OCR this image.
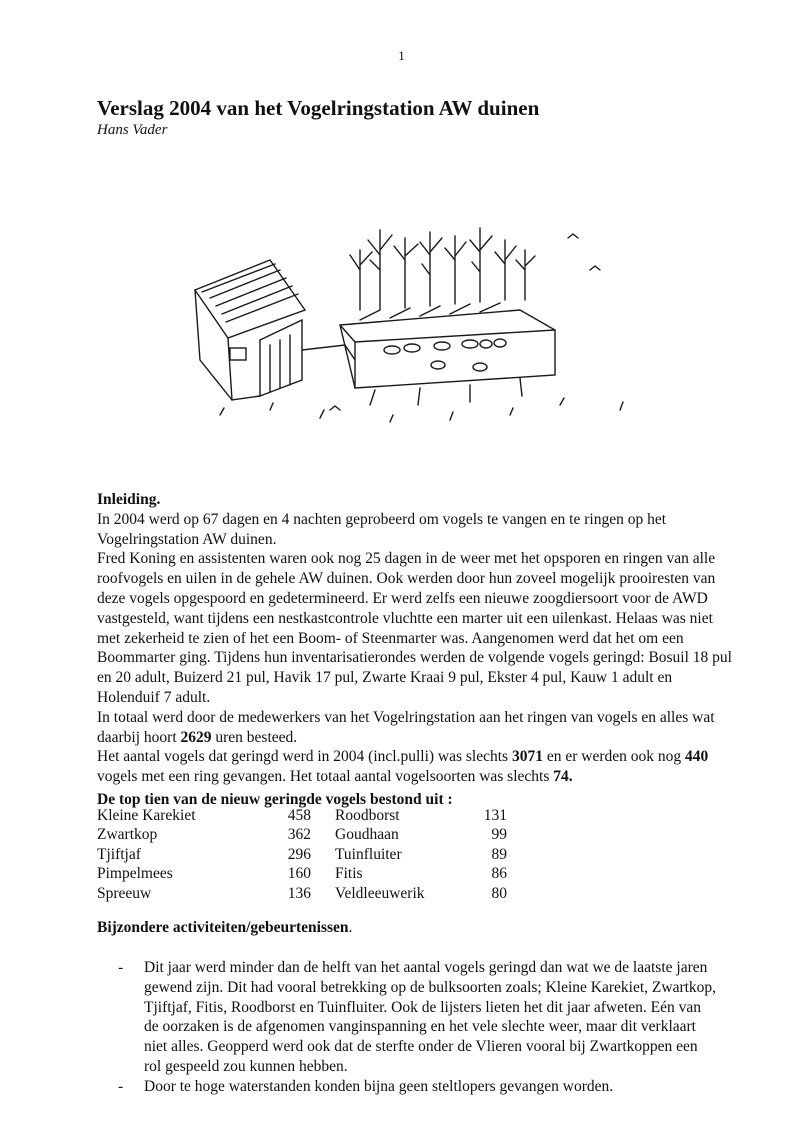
1
Verslag 2004 van het Vogelringstation AW duinen
Hans Vader

Inleiding.

In 2004 werd op 67 dagen en 4 nachten geprobeerd om vogels te vangen en te ringen op het Vogelringstation AW duinen.

Fred Koning en assistenten waren ook nog 25 dagen in de weer met het opsporen en ringen van alle roofvogels en uilen in de gehele AW duinen. Ook werden door hun zoveel mogelijk prooiresten van deze vogels opgespoord en gedetermineerd. Er werd zelfs een nieuwe zoogdiersoort voor de AWD vastgesteld, want tijdens een nestkastcontrole vluchtte een marter uit een uilenkast. Helaas was niet met zekerheid te zien of het een Boom- of Steenmarter was. Aangenomen werd dat het om een Boommarter ging. Tijdens hun inventarisatierondes werden de volgende vogels geringd: Bosuil 18 pul en 20 adult, Buizerd 21 pul, Havik 17 pul, Zwarte Kraai 9 pul, Ekster 4 pul, Kauw 1 adult en Holenduif 7 adult.

In totaal werd door de medewerkers van het Vogelringstation aan het ringen van vogels en alles wat daarbij hoort 2629 uren besteed.

Het aantal vogels dat geringd werd in 2004 (incl.pulli) was slechts 3071 en er werden ook nog 440 vogels met een ring gevangen. Het totaal aantal vogelsoorten was slechts 74.

De top tien van de nieuw geringde vogels bestond uit :
Kleine Karekiet	458		Roodborst	131
Zwartkop	362		Goudhaan	99
Tjiftjaf	296		Tuinfluiter	89
Pimpelmees	160		Fitis	86
Spreeuw	136		Veldleeuwerik	80
Bijzondere activiteiten/gebeurtenissen.
- Dit jaar werd minder dan de helft van het aantal vogels geringd dan wat we de laatste jaren gewend zijn. Dit had vooral betrekking op de bulksoorten zoals; Kleine Karekiet, Zwartkop, Tjiftjaf, Fitis, Roodborst en Tuinfluiter. Ook de lijsters lieten het dit jaar afweten. Eén van de oorzaken is de afgenomen vanginspanning en het vele slechte weer, maar dit verklaart niet alles. Geopperd werd ook dat de sterfte onder de Vlieren vooral bij Zwartkoppen een rol gespeeld zou kunnen hebben.
- Door te hoge waterstanden konden bijna geen steltlopers gevangen worden.
